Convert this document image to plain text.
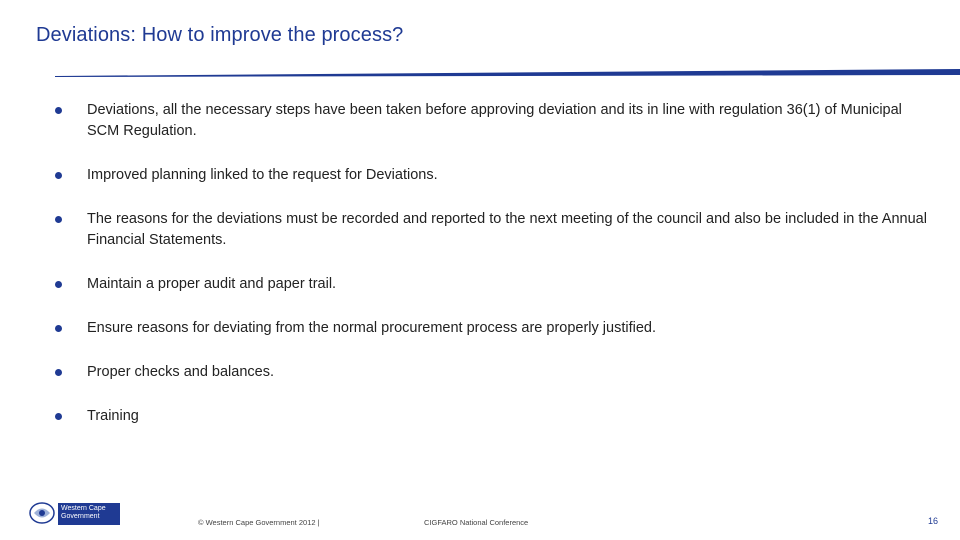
Deviations: How to improve the process?
Deviations, all the necessary steps have been taken before approving deviation and its in line with regulation 36(1) of Municipal SCM Regulation.
Improved planning linked to the request for Deviations.
The reasons for the deviations must be recorded and reported to the next meeting of the council and also be included in the Annual Financial Statements.
Maintain a proper audit and paper trail.
Ensure reasons for deviating from the normal procurement process are properly justified.
Proper checks and balances.
Training
Western Cape
Government
© Western Cape Government 2012 |	CIGFARO National Conference	16
